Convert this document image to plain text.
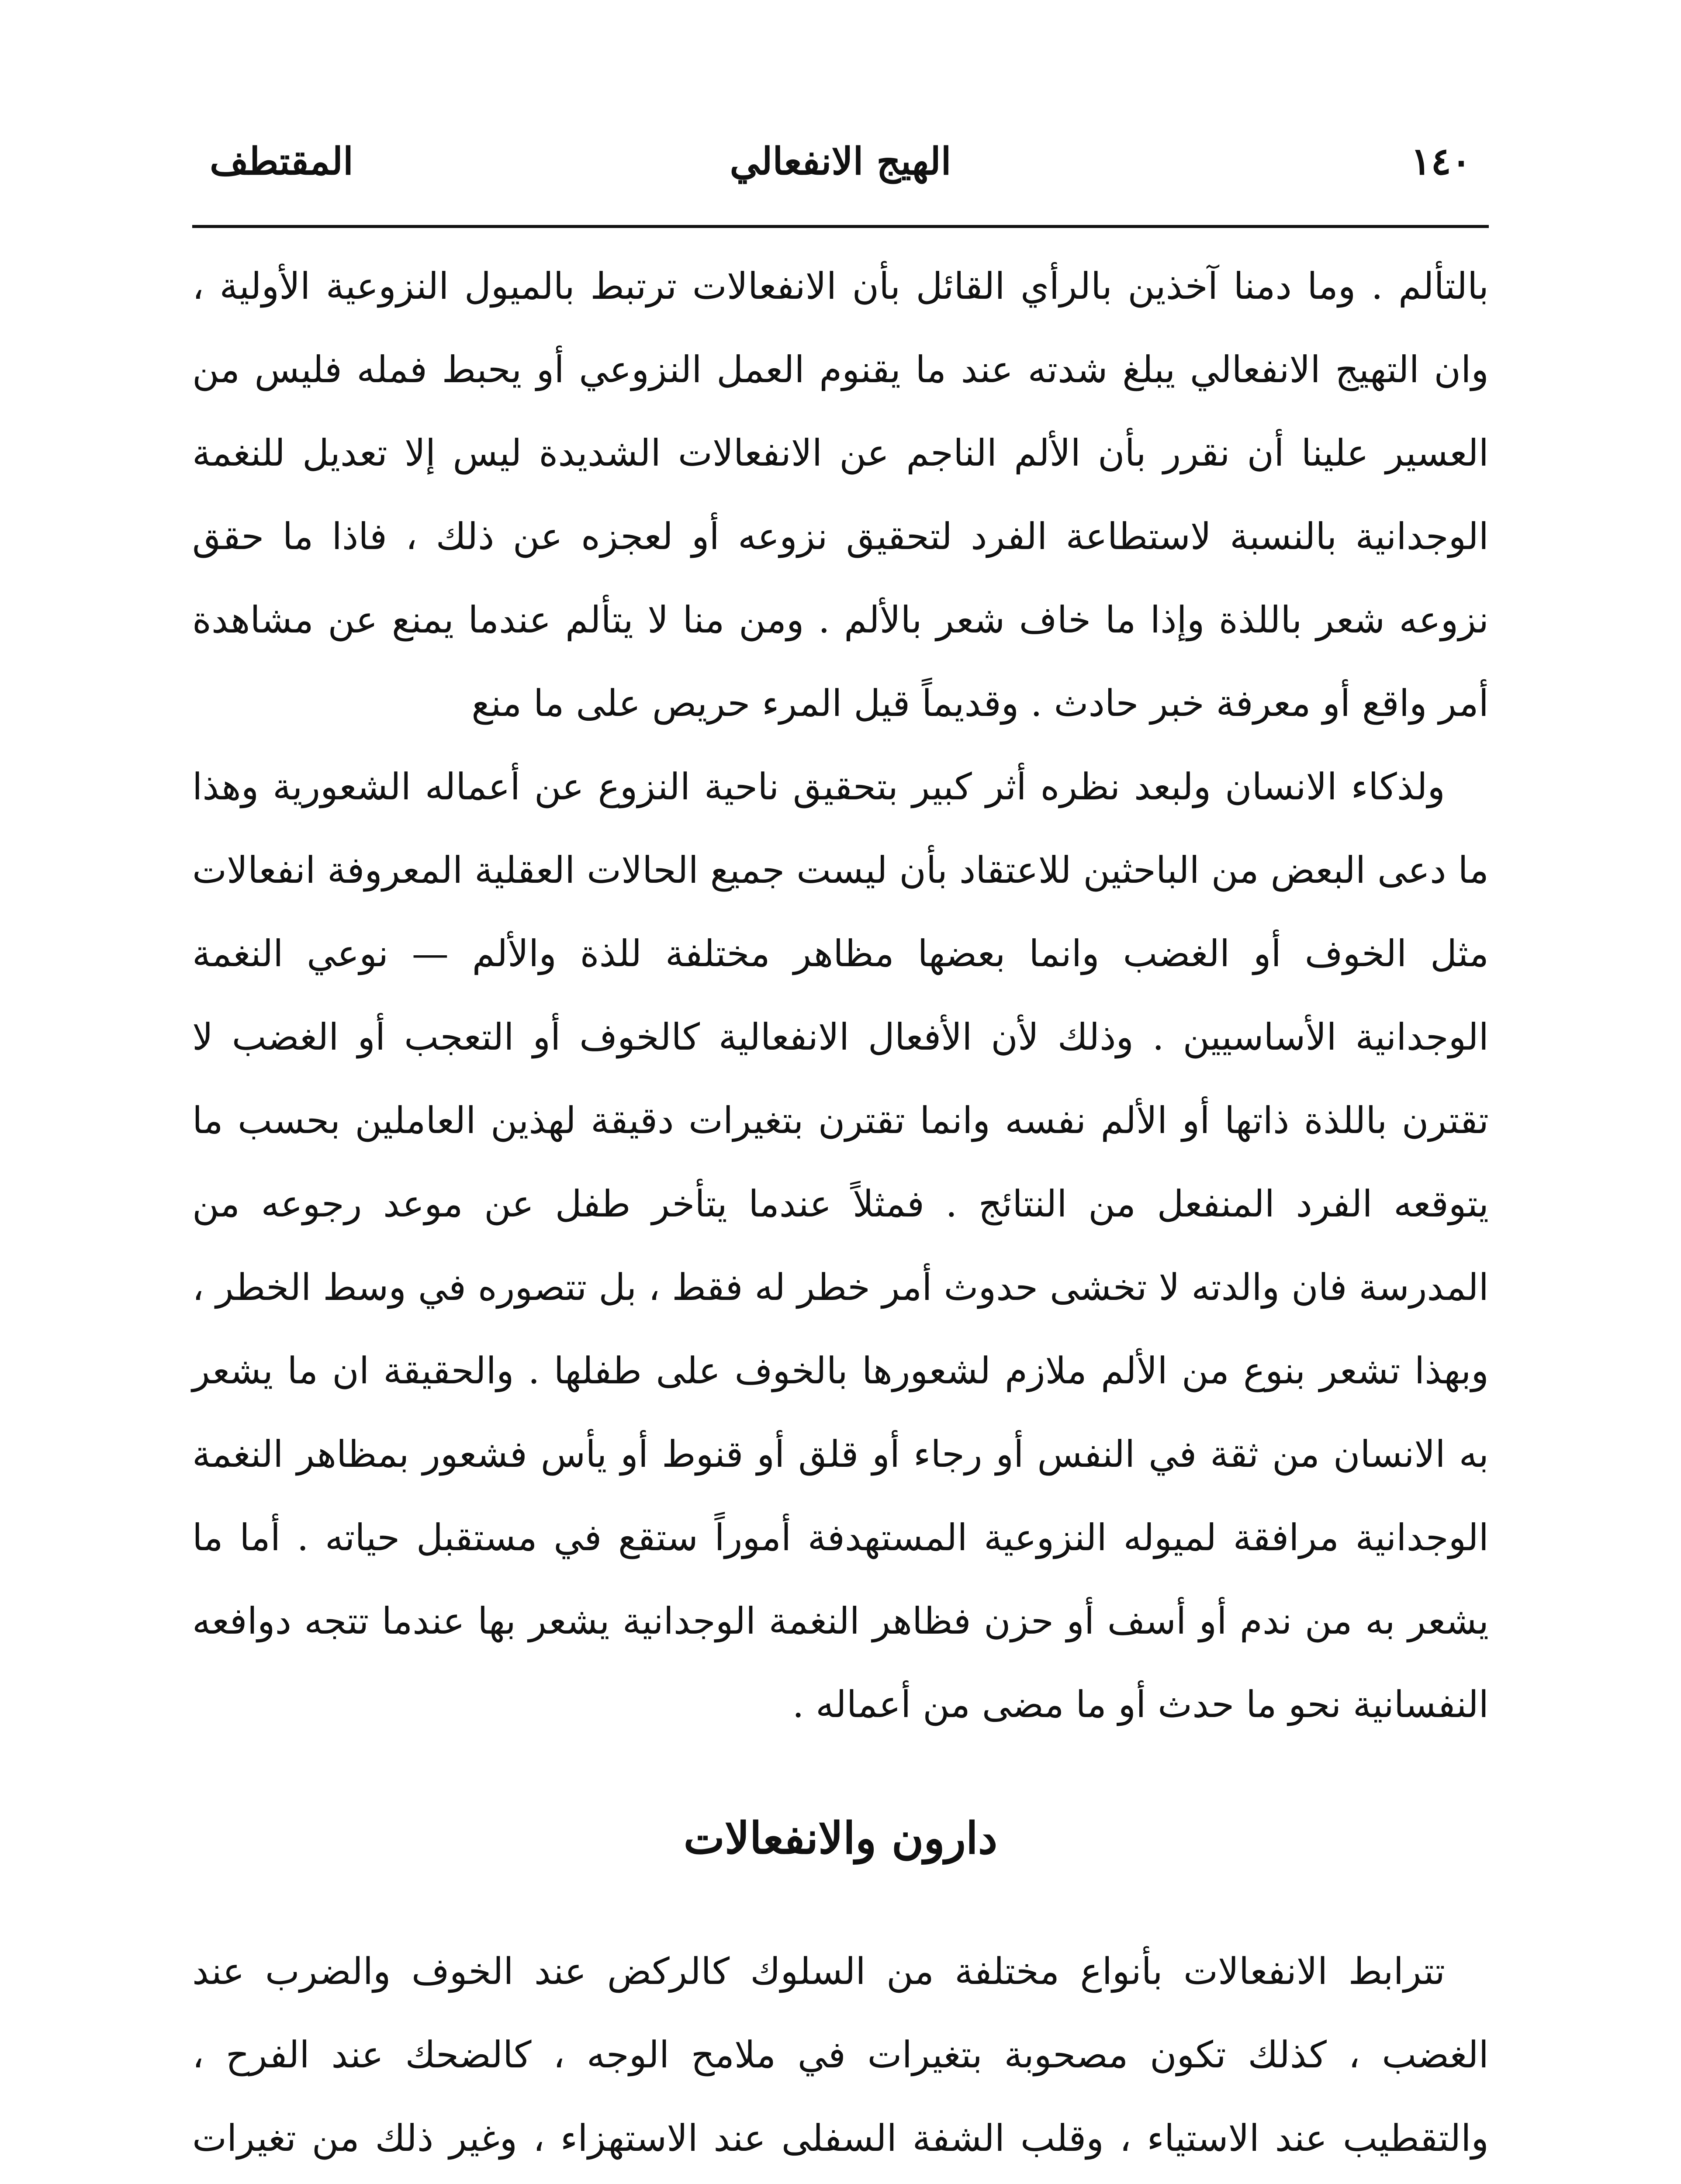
١٤٠
الهيج الانفعالي
المقتطف

بالتألم . وما دمنا آخذين بالرأي القائل بأن الانفعالات ترتبط بالميول النزوعية الأولية ، وان التهيج الانفعالي يبلغ شدته عند ما يقنوم العمل النزوعي أو يحبط فمله فليس من العسير علينا أن نقرر بأن الألم الناجم عن الانفعالات الشديدة ليس إلا تعديل للنغمة الوجدانية بالنسبة لاستطاعة الفرد لتحقيق نزوعه أو لعجزه عن ذلك ، فاذا ما حقق نزوعه شعر باللذة وإذا ما خاف شعر بالألم . ومن منا لا يتألم عندما يمنع عن مشاهدة أمر واقع أو معرفة خبر حادث . وقديماً قيل المرء حريص على ما منع

ولذكاء الانسان ولبعد نظره أثر كبير بتحقيق ناحية النزوع عن أعماله الشعورية وهذا ما دعى البعض من الباحثين للاعتقاد بأن ليست جميع الحالات العقلية المعروفة انفعالات مثل الخوف أو الغضب وانما بعضها مظاهر مختلفة للذة والألم — نوعي النغمة الوجدانية الأساسيين . وذلك لأن الأفعال الانفعالية كالخوف أو التعجب أو الغضب لا تقترن باللذة ذاتها أو الألم نفسه وانما تقترن بتغيرات دقيقة لهذين العاملين بحسب ما يتوقعه الفرد المنفعل من النتائج . فمثلاً عندما يتأخر طفل عن موعد رجوعه من المدرسة فان والدته لا تخشى حدوث أمر خطر له فقط ، بل تتصوره في وسط الخطر ، وبهذا تشعر بنوع من الألم ملازم لشعورها بالخوف على طفلها . والحقيقة ان ما يشعر به الانسان من ثقة في النفس أو رجاء أو قلق أو قنوط أو يأس فشعور بمظاهر النغمة الوجدانية مرافقة لميوله النزوعية المستهدفة أموراً ستقع في مستقبل حياته . أما ما يشعر به من ندم أو أسف أو حزن فظاهر النغمة الوجدانية يشعر بها عندما تتجه دوافعه النفسانية نحو ما حدث أو ما مضى من أعماله .

دارون والانفعالات

تترابط الانفعالات بأنواع مختلفة من السلوك كالركض عند الخوف والضرب عند الغضب ، كذلك تكون مصحوبة بتغيرات في ملامح الوجه ، كالضحك عند الفرح ، والتقطيب عند الاستياء ، وقلب الشفة السفلى عند الاستهزاء ، وغير ذلك من تغيرات
